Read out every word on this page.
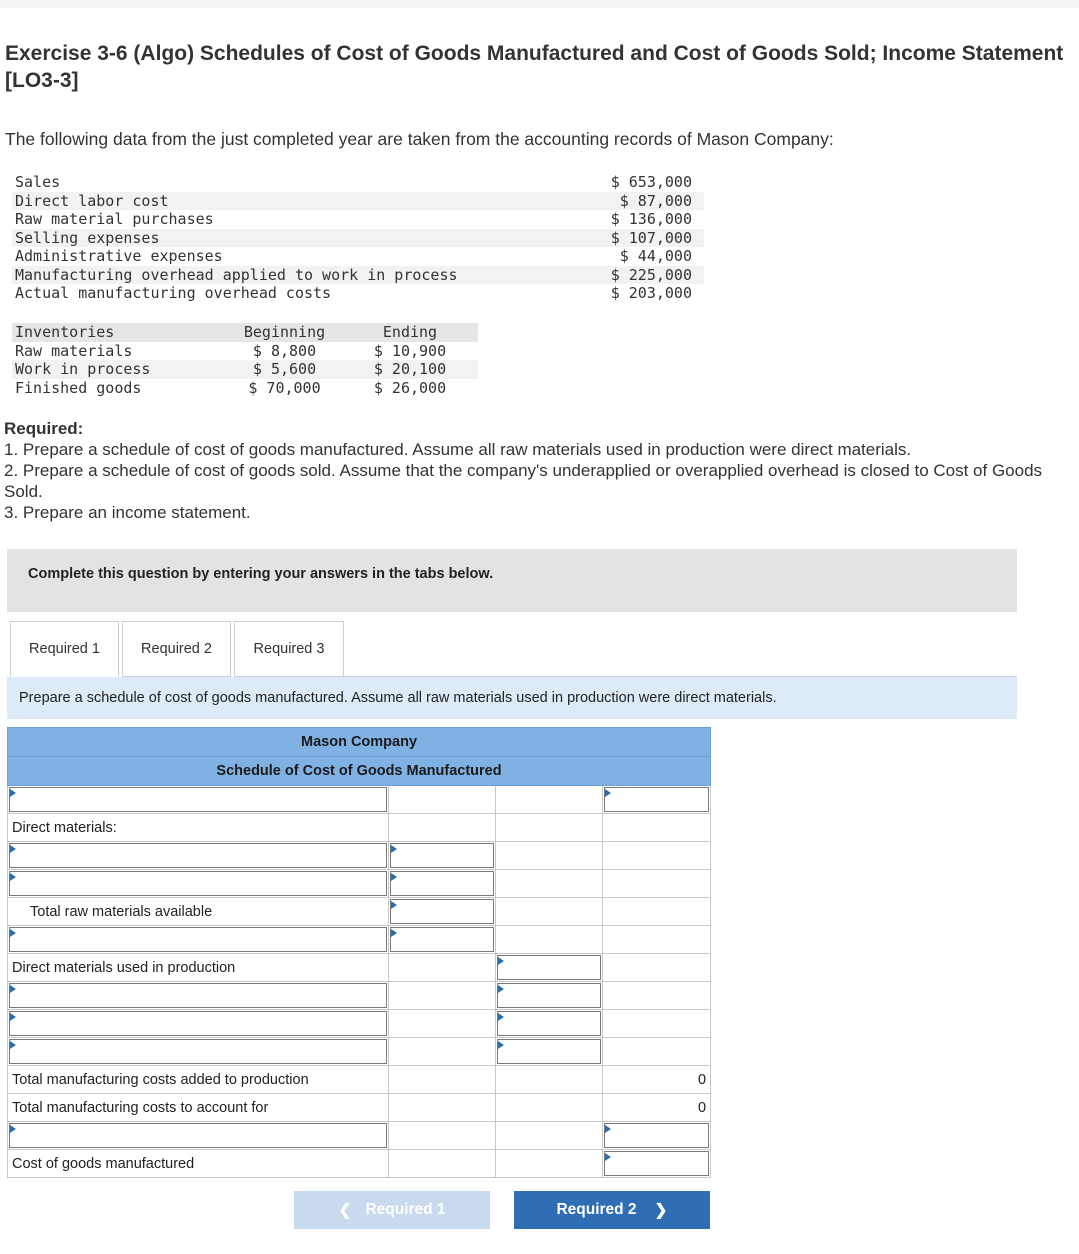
Exercise 3-6 (Algo) Schedules of Cost of Goods Manufactured and Cost of Goods Sold; Income Statement [LO3-3]
The following data from the just completed year are taken from the accounting records of Mason Company:
Sales	$ 653,000
Direct labor cost	$ 87,000
Raw material purchases	$ 136,000
Selling expenses	$ 107,000
Administrative expenses	$ 44,000
Manufacturing overhead applied to work in process	$ 225,000
Actual manufacturing overhead costs	$ 203,000
Inventories	Beginning	Ending
Raw materials	$ 8,800	$ 10,900
Work in process	$ 5,600	$ 20,100
Finished goods	$ 70,000	$ 26,000
Required:
1. Prepare a schedule of cost of goods manufactured. Assume all raw materials used in production were direct materials.
2. Prepare a schedule of cost of goods sold. Assume that the company's underapplied or overapplied overhead is closed to Cost of Goods Sold.
3. Prepare an income statement.
Complete this question by entering your answers in the tabs below.
Required 1	Required 2	Required 3
Prepare a schedule of cost of goods manufactured. Assume all raw materials used in production were direct materials.
Mason Company			
Schedule of Cost of Goods Manufactured			

Direct materials:			

Total raw materials available	

Direct materials used in production		

Total manufacturing costs added to production			0
Total manufacturing costs to account for			0

Cost of goods manufactured			
❮ Required 1	Required 2 ❯
